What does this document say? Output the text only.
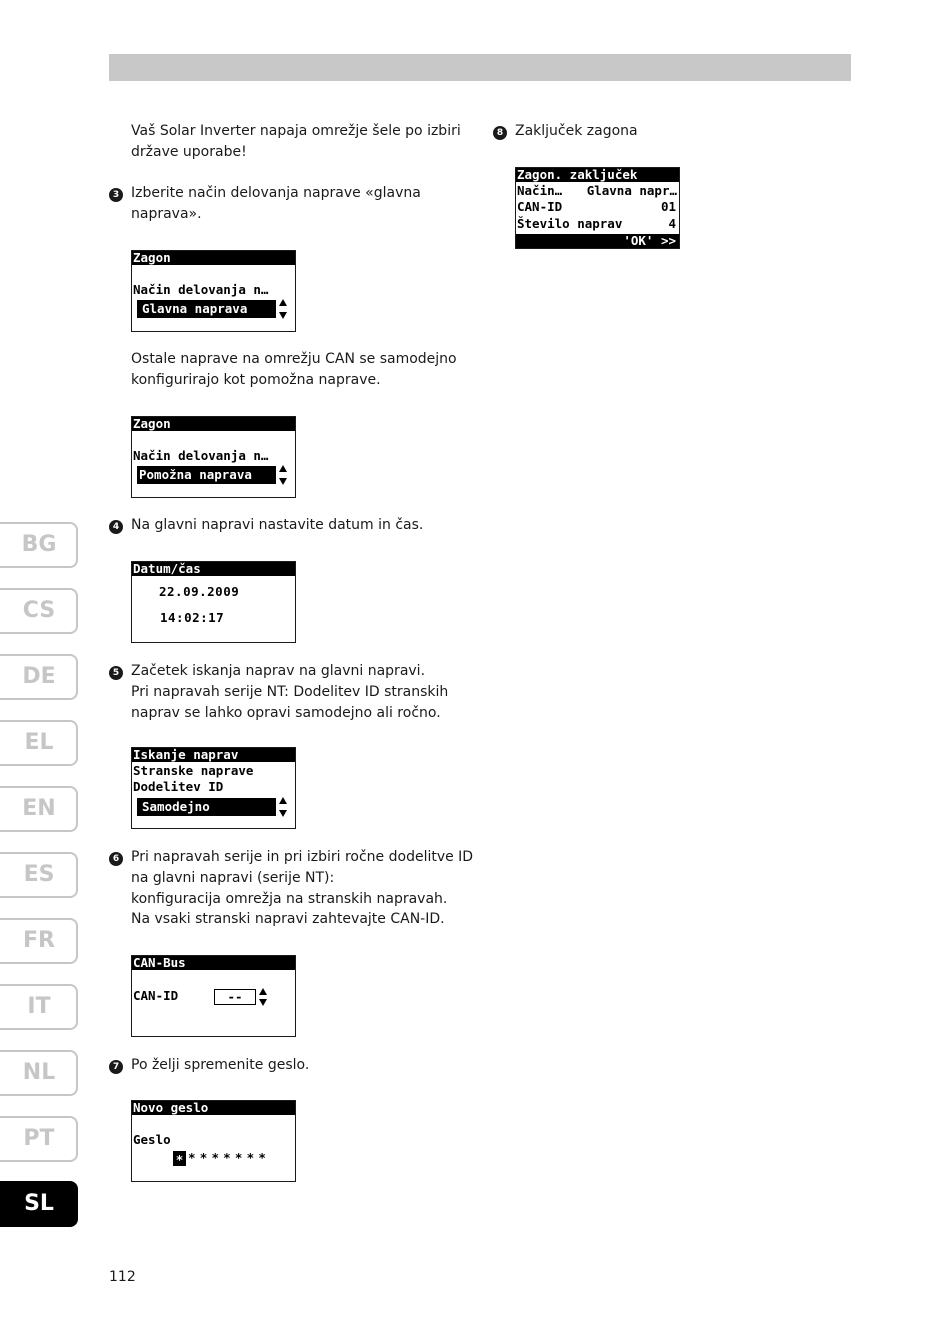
Vaš Solar Inverter napaja omrežje šele po izbiri
države uporabe!
3 Izberite način delovanja naprave «glavna
naprava».
Zagon
Način delovanja n…
Glavna naprava
Ostale naprave na omrežju CAN se samodejno
konfigurirajo kot pomožna naprave.
Zagon
Način delovanja n…
Pomožna naprava
4 Na glavni napravi nastavite datum in čas.
Datum/čas
22.09.2009
14:02:17
5 Začetek iskanja naprav na glavni napravi.
Pri napravah serije NT: Dodelitev ID stranskih
naprav se lahko opravi samodejno ali ročno.
Iskanje naprav
Stranske naprave
Dodelitev ID
Samodejno
6 Pri napravah serije in pri izbiri ročne dodelitve ID
na glavni napravi (serije NT):
konfiguracija omrežja na stranskih napravah.
Na vsaki stranski napravi zahtevajte CAN-ID.
CAN-Bus
CAN-ID	--
7 Po želji spremenite geslo.
Novo geslo
Geslo
* *******
8 Zaključek zagona
Zagon. zaključek
Način… Glavna napr…
CAN-ID	01
Število naprav	4
'OK' >>
BG
CS
DE
EL
EN
ES
FR
IT
NL
PT
SL
112
